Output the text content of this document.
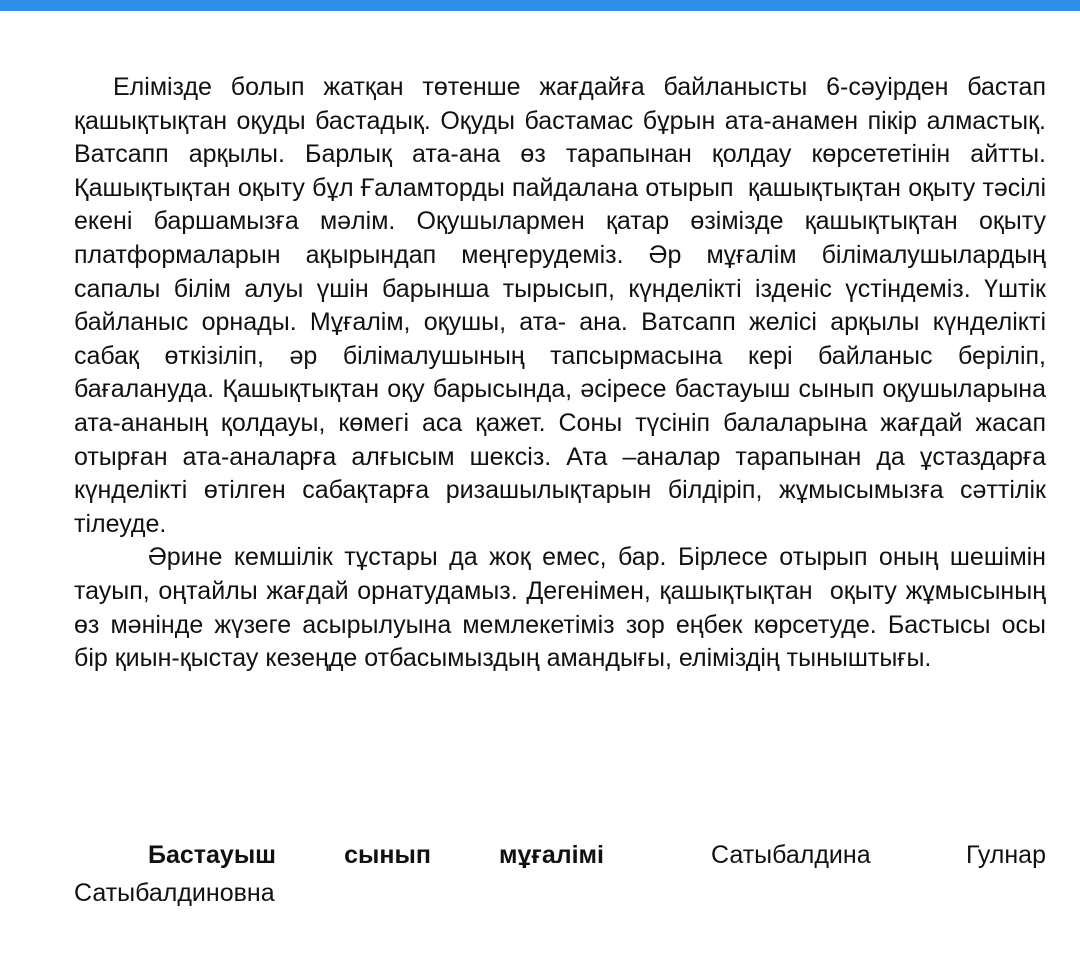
Елімізде болып жатқан төтенше жағдайға байланысты 6-сәуірден бастап қашықтықтан оқуды бастадық. Оқуды бастамас бұрын ата-анамен пікір алмастық. Ватсапп арқылы. Барлық ата-ана өз тарапынан қолдау көрсететінін айтты.  Қашықтықтан оқыту бұл Ғаламторды пайдалана отырып  қашықтықтан оқыту тәсілі екені баршамызға мәлім. Оқушылармен қатар өзімізде қашықтықтан оқыту платформаларын ақырындап меңгерудеміз. Әр мұғалім білімалушылардың сапалы білім алуы үшін барынша тырысып, күнделікті ізденіс үстіндеміз. Үштік байланыс орнады. Мұғалім, оқушы, ата- ана. Ватсапп желісі арқылы күнделікті сабақ өткізіліп, әр білімалушының тапсырмасына кері байланыс беріліп, бағалануда. Қашықтықтан оқу барысында, әсіресе бастауыш сынып оқушыларына ата-ананың қолдауы, көмегі аса қажет. Соны түсініп балаларына жағдай жасап отырған ата-аналарға алғысым шексіз. Ата –аналар тарапынан да ұстаздарға күнделікті өтілген сабақтарға ризашылықтарын білдіріп, жұмысымызға сәттілік тілеуде.

Әрине кемшілік тұстары да жоқ емес, бар. Бірлесе отырып оның шешімін тауып, оңтайлы жағдай орнатудамыз. Дегенімен, қашықтықтан  оқыту жұмысының өз мәнінде жүзеге асырылуына мемлекетіміз зор еңбек көрсетуде. Бастысы осы бір қиын-қыстау кезеңде отбасымыздың амандығы, еліміздің тыныштығы.

Бастауыш	сынып	мұғалімі	Сатыбалдина	Гулнар
Сатыбалдиновна
